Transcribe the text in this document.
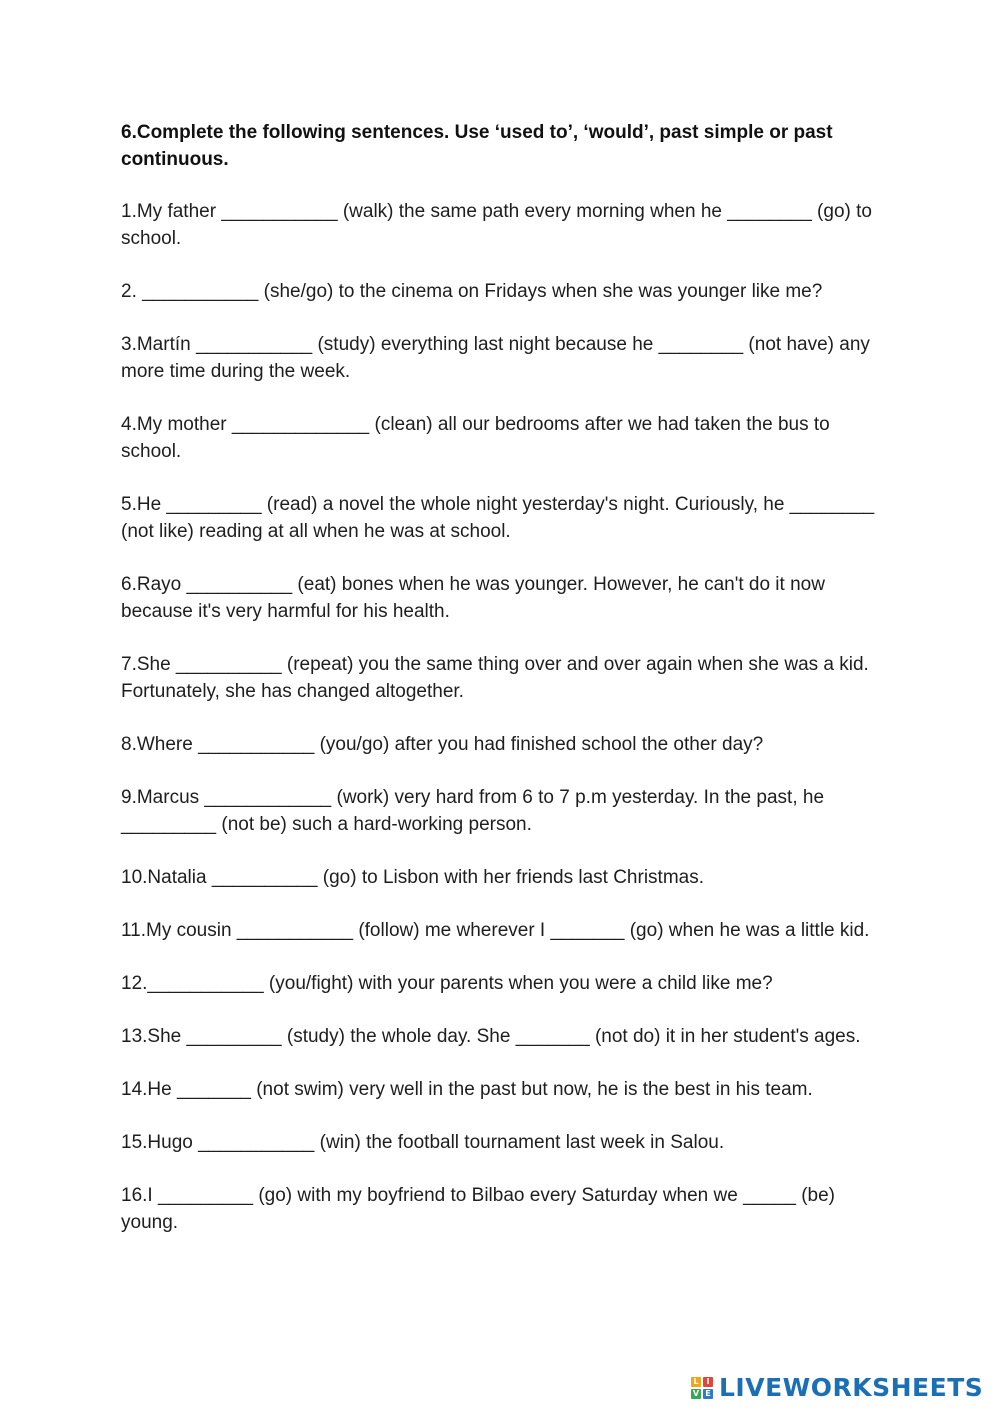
6.Complete the following sentences. Use ‘used to’, ‘would’, past simple or past continuous.

1.My father ___________ (walk) the same path every morning when he ________ (go) to school.

2. ___________ (she/go) to the cinema on Fridays when she was younger like me?

3.Martín ___________ (study) everything last night because he ________ (not have) any more time during the week.

4.My mother _____________ (clean) all our bedrooms after we had taken the bus to school.

5.He _________ (read) a novel the whole night yesterday's night. Curiously, he ________ (not like) reading at all when he was at school.

6.Rayo __________ (eat) bones when he was younger. However, he can't do it now because it's very harmful for his health.

7.She __________ (repeat) you the same thing over and over again when she was a kid. Fortunately, she has changed altogether.

8.Where ___________ (you/go) after you had finished school the other day?

9.Marcus ____________ (work) very hard from 6 to 7 p.m yesterday. In the past, he _________ (not be) such a hard-working person.

10.Natalia __________ (go) to Lisbon with her friends last Christmas.

11.My cousin ___________ (follow) me wherever I _______ (go) when he was a little kid.

12.___________ (you/fight) with your parents when you were a child like me?

13.She _________ (study) the whole day. She _______ (not do) it in her student's ages.

14.He _______ (not swim) very well in the past but now, he is the best in his team.

15.Hugo ___________ (win) the football tournament last week in Salou.

16.I _________ (go) with my boyfriend to Bilbao every Saturday when we _____ (be) young.

L I
V E LIVEWORKSHEETS
